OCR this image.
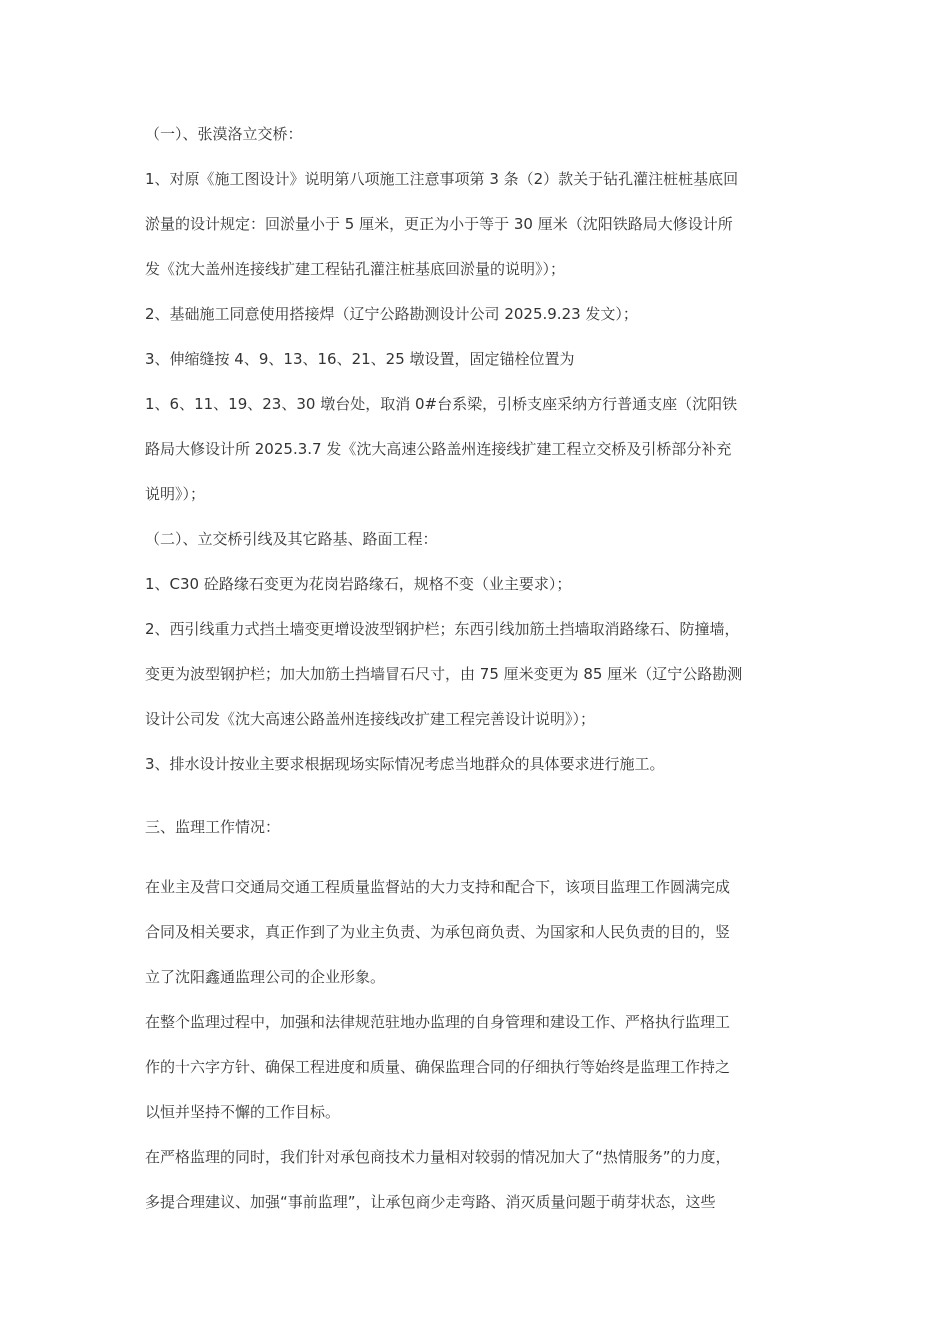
（一）、张漠洛立交桥：
1、对原《施工图设计》说明第八项施工注意事项第 3 条（2）款关于钻孔灌注桩桩基底回
淤量的设计规定：回淤量小于 5 厘米，更正为小于等于 30 厘米（沈阳铁路局大修设计所
发《沈大盖州连接线扩建工程钻孔灌注桩基底回淤量的说明》）；
2、基础施工同意使用搭接焊（辽宁公路勘测设计公司 2025.9.23 发文）；
3、伸缩缝按 4、9、13、16、21、25 墩设置，固定锚栓位置为
1、6、11、19、23、30 墩台处，取消 0#台系梁，引桥支座采纳方行普通支座（沈阳铁
路局大修设计所 2025.3.7 发《沈大高速公路盖州连接线扩建工程立交桥及引桥部分补充
说明》）；
（二）、立交桥引线及其它路基、路面工程：
1、C30 砼路缘石变更为花岗岩路缘石，规格不变（业主要求）；
2、西引线重力式挡土墙变更增设波型钢护栏；东西引线加筋土挡墙取消路缘石、防撞墙，
变更为波型钢护栏；加大加筋土挡墙冒石尺寸，由 75 厘米变更为 85 厘米（辽宁公路勘测
设计公司发《沈大高速公路盖州连接线改扩建工程完善设计说明》）；
3、排水设计按业主要求根据现场实际情况考虑当地群众的具体要求进行施工。
三、监理工作情况：
在业主及营口交通局交通工程质量监督站的大力支持和配合下，该项目监理工作圆满完成
合同及相关要求，真正作到了为业主负责、为承包商负责、为国家和人民负责的目的，竖
立了沈阳鑫通监理公司的企业形象。
在整个监理过程中，加强和法律规范驻地办监理的自身管理和建设工作、严格执行监理工
作的十六字方针、确保工程进度和质量、确保监理合同的仔细执行等始终是监理工作持之
以恒并坚持不懈的工作目标。
在严格监理的同时，我们针对承包商技术力量相对较弱的情况加大了“热情服务”的力度，
多提合理建议、加强“事前监理”，让承包商少走弯路、消灭质量问题于萌芽状态，这些
